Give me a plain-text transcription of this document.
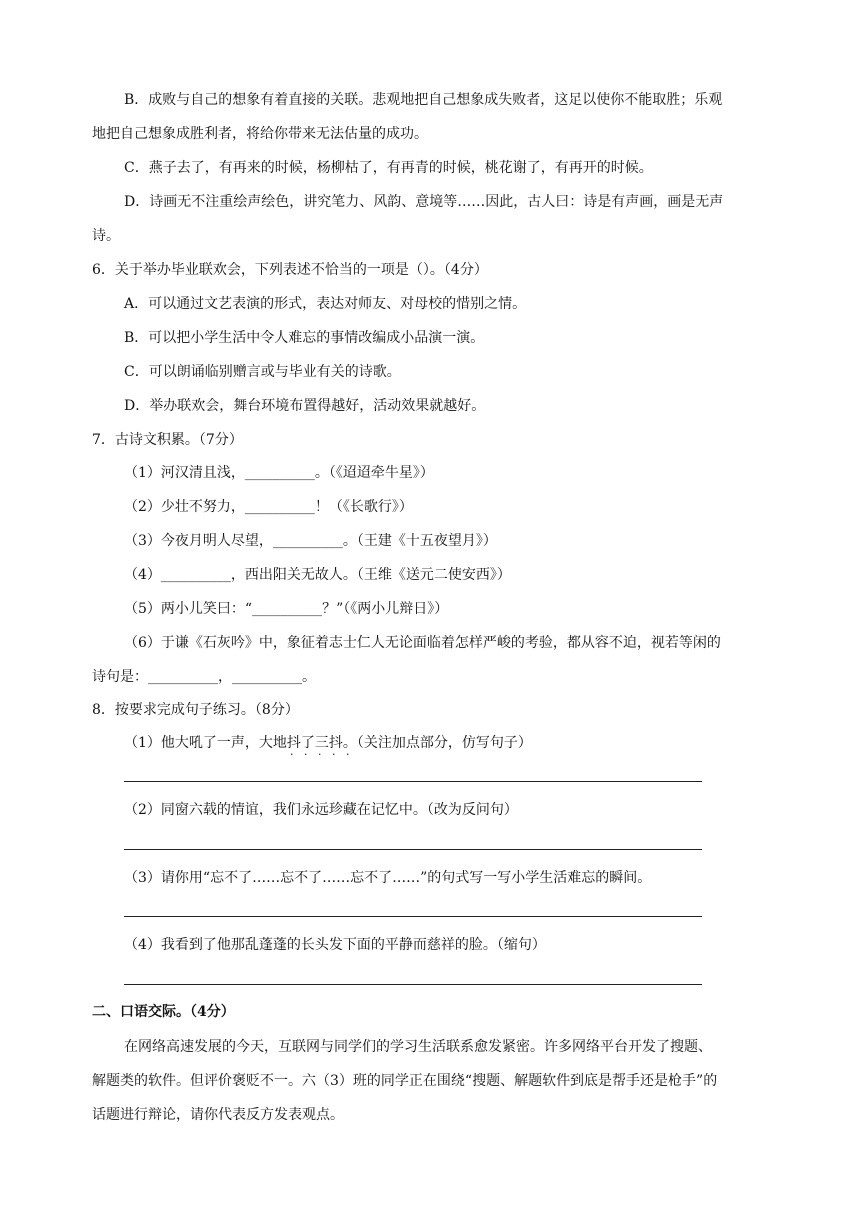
B．成败与自己的想象有着直接的关联。悲观地把自己想象成失败者，这足以使你不能取胜；乐观
地把自己想象成胜利者，将给你带来无法估量的成功。
C．燕子去了，有再来的时候，杨柳枯了，有再青的时候，桃花谢了，有再开的时候。
D．诗画无不注重绘声绘色，讲究笔力、风韵、意境等……因此，古人曰：诗是有声画，画是无声
诗。
6．关于举办毕业联欢会，下列表述不恰当的一项是（）。（4分）
A．可以通过文艺表演的形式，表达对师友、对母校的惜别之情。
B．可以把小学生活中令人难忘的事情改编成小品演一演。
C．可以朗诵临别赠言或与毕业有关的诗歌。
D．举办联欢会，舞台环境布置得越好，活动效果就越好。
7．古诗文积累。（7分）
（1）河汉清且浅，__________。（《迢迢牵牛星》）
（2）少壮不努力，__________！（《长歌行》）
（3）今夜月明人尽望，__________。（王建《十五夜望月》）
（4）__________，西出阳关无故人。（王维《送元二使安西》）
（5）两小儿笑曰：“__________？”（《两小儿辩日》）
（6）于谦《石灰吟》中，象征着志士仁人无论面临着怎样严峻的考验，都从容不迫，视若等闲的
诗句是：__________，__________。
8．按要求完成句子练习。（8分）
（1）他大吼了一声，大地抖了三抖。（关注加点部分，仿写句子）
· · · · ·
（2）同窗六载的情谊，我们永远珍藏在记忆中。（改为反问句）
（3）请你用“忘不了……忘不了……忘不了……”的句式写一写小学生活难忘的瞬间。
（4）我看到了他那乱蓬蓬的长头发下面的平静而慈祥的脸。（缩句）
二、口语交际。（4分）
在网络高速发展的今天，互联网与同学们的学习生活联系愈发紧密。许多网络平台开发了搜题、
解题类的软件。但评价褒贬不一。六（3）班的同学正在围绕“搜题、解题软件到底是帮手还是枪手”的
话题进行辩论，请你代表反方发表观点。
